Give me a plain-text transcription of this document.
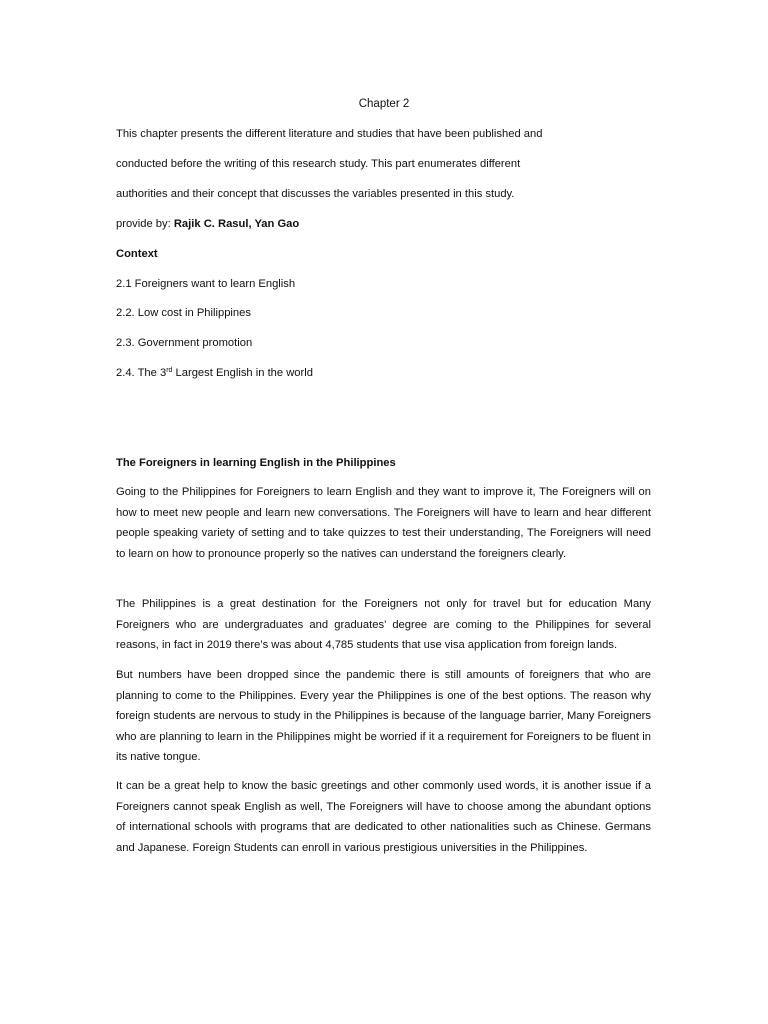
Chapter 2
This chapter presents the different literature and studies that have been published and
conducted before the writing of this research study. This part enumerates different
authorities and their concept that discusses the variables presented in this study.
provide by: Rajik C. Rasul, Yan Gao
Context
2.1 Foreigners want to learn English
2.2. Low cost in Philippines
2.3. Government promotion
2.4. The 3rd Largest English in the world
The Foreigners in learning English in the Philippines

Going to the Philippines for Foreigners to learn English and they want to improve it, The Foreigners will on how to meet new people and learn new conversations. The Foreigners will have to learn and hear different people speaking variety of setting and to take quizzes to test their understanding, The Foreigners will need to learn on how to pronounce properly so the natives can understand the foreigners clearly.

The Philippines is a great destination for the Foreigners not only for travel but for education Many Foreigners who are undergraduates and graduates’ degree are coming to the Philippines for several reasons, in fact in 2019 there’s was about 4,785 students that use visa application from foreign lands.

But numbers have been dropped since the pandemic there is still amounts of foreigners that who are planning to come to the Philippines. Every year the Philippines is one of the best options. The reason why foreign students are nervous to study in the Philippines is because of the language barrier, Many Foreigners who are planning to learn in the Philippines might be worried if it a requirement for Foreigners to be fluent in its native tongue.

It can be a great help to know the basic greetings and other commonly used words, it is another issue if a Foreigners cannot speak English as well, The Foreigners will have to choose among the abundant options of international schools with programs that are dedicated to other nationalities such as Chinese. Germans and Japanese. Foreign Students can enroll in various prestigious universities in the Philippines.
